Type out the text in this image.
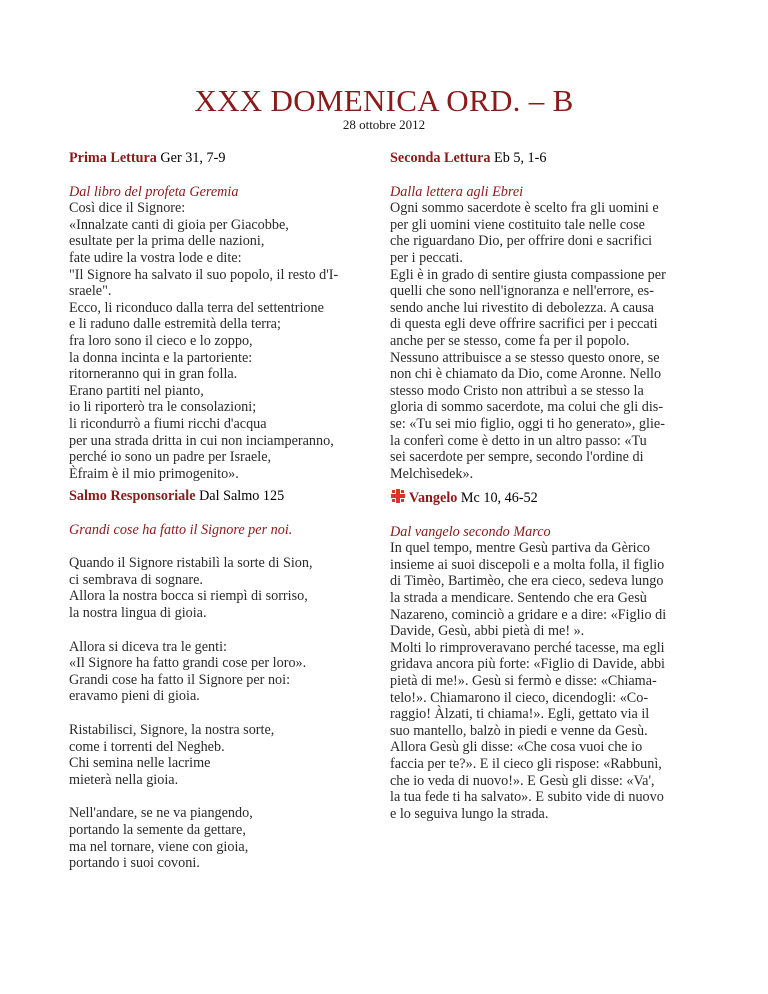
XXX DOMENICA ORD. – B
28 ottobre 2012

Prima Lettura Ger 31, 7-9

Dal libro del profeta Geremia

Così dice il Signore:
«Innalzate canti di gioia per Giacobbe,
esultate per la prima delle nazioni,
fate udire la vostra lode e dite:
"Il Signore ha salvato il suo popolo, il resto d'I-
sraele".
Ecco, li riconduco dalla terra del settentrione
e li raduno dalle estremità della terra;
fra loro sono il cieco e lo zoppo,
la donna incinta e la partoriente:
ritorneranno qui in gran folla.
Erano partiti nel pianto,
io li riporterò tra le consolazioni;
li ricondurrò a fiumi ricchi d'acqua
per una strada dritta in cui non inciamperanno,
perché io sono un padre per Israele,
Èfraim è il mio primogenito».

Seconda Lettura Eb 5, 1-6

Dalla lettera agli Ebrei

Ogni sommo sacerdote è scelto fra gli uomini e
per gli uomini viene costituito tale nelle cose
che riguardano Dio, per offrire doni e sacrifici
per i peccati.
Egli è in grado di sentire giusta compassione per
quelli che sono nell'ignoranza e nell'errore, es-
sendo anche lui rivestito di debolezza. A causa
di questa egli deve offrire sacrifici per i peccati
anche per se stesso, come fa per il popolo.
Nessuno attribuisce a se stesso questo onore, se
non chi è chiamato da Dio, come Aronne. Nello
stesso modo Cristo non attribuì a se stesso la
gloria di sommo sacerdote, ma colui che gli dis-
se: «Tu sei mio figlio, oggi ti ho generato», glie-
la conferì come è detto in un altro passo: «Tu
sei sacerdote per sempre, secondo l'ordine di
Melchìsedek».

Salmo Responsoriale Dal Salmo 125

Grandi cose ha fatto il Signore per noi.

Quando il Signore ristabilì la sorte di Sion,
ci sembrava di sognare.
Allora la nostra bocca si riempì di sorriso,
la nostra lingua di gioia.

Allora si diceva tra le genti:
«Il Signore ha fatto grandi cose per loro».
Grandi cose ha fatto il Signore per noi:
eravamo pieni di gioia.

Ristabilisci, Signore, la nostra sorte,
come i torrenti del Negheb.
Chi semina nelle lacrime
mieterà nella gioia.

Nell'andare, se ne va piangendo,
portando la semente da gettare,
ma nel tornare, viene con gioia,
portando i suoi covoni.

Vangelo Mc 10, 46-52

Dal vangelo secondo Marco

In quel tempo, mentre Gesù partiva da Gèrico
insieme ai suoi discepoli e a molta folla, il figlio
di Timèo, Bartimèo, che era cieco, sedeva lungo
la strada a mendicare. Sentendo che era Gesù
Nazareno, cominciò a gridare e a dire: «Figlio di
Davide, Gesù, abbi pietà di me! ».
Molti lo rimproveravano perché tacesse, ma egli
gridava ancora più forte: «Figlio di Davide, abbi
pietà di me!». Gesù si fermò e disse: «Chiama-
telo!». Chiamarono il cieco, dicendogli: «Co-
raggio! Àlzati, ti chiama!». Egli, gettato via il
suo mantello, balzò in piedi e venne da Gesù.
Allora Gesù gli disse: «Che cosa vuoi che io
faccia per te?». E il cieco gli rispose: «Rabbunì,
che io veda di nuovo!». E Gesù gli disse: «Va',
la tua fede ti ha salvato». E subito vide di nuovo
e lo seguiva lungo la strada.
